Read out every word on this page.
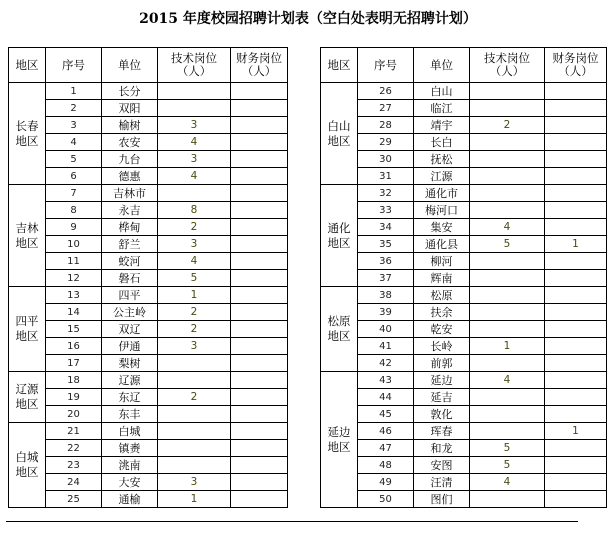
2015 年度校园招聘计划表（空白处表明无招聘计划）
地区	序号	单位	技术岗位
（人）	财务岗位
（人）
长春
地区	1	长分		
	2	双阳		
	3	榆树	3	
	4	农安	4	
	5	九台	3	
	6	德惠	4	
吉林
地区	7	吉林市		
	8	永吉	8	
	9	桦甸	2	
	10	舒兰	3	
	11	蛟河	4	
	12	磐石	5	
四平
地区	13	四平	1	
	14	公主岭	2	
	15	双辽	2	
	16	伊通	3	
	17	梨树		
辽源
地区	18	辽源		
	19	东辽	2	
	20	东丰		
白城
地区	21	白城		
	22	镇赉		
	23	洮南		
	24	大安	3	
	25	通榆	1	
地区	序号	单位	技术岗位
（人）	财务岗位
（人）
白山
地区	26	白山		
	27	临江		
	28	靖宇	2	
	29	长白		
	30	抚松		
	31	江源		
通化
地区	32	通化市		
	33	梅河口		
	34	集安	4	
	35	通化县	5	1
	36	柳河		
	37	辉南		
松原
地区	38	松原		
	39	扶余		
	40	乾安		
	41	长岭	1	
	42	前郭		
延边
地区	43	延边	4	
	44	延吉		
	45	敦化		
	46	珲春		1
	47	和龙	5	
	48	安图	5	
	49	汪清	4	
	50	图们		
